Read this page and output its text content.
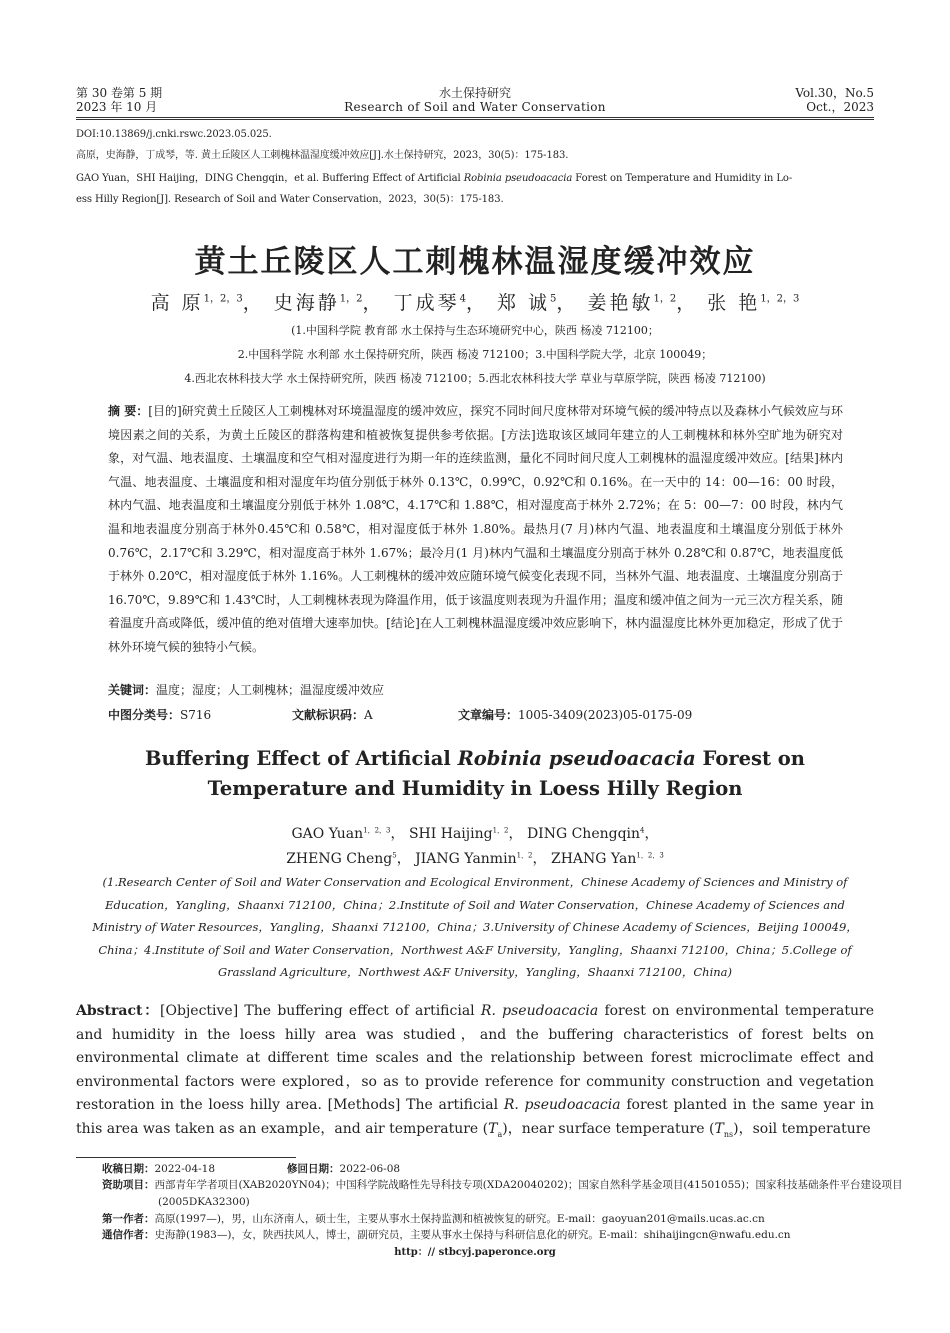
第 30 卷第 5 期
2023 年 10 月
水土保持研究
Research of Soil and Water Conservation
Vol.30，No.5
Oct.，2023
DOI:10.13869/j.cnki.rswc.2023.05.025.
高原，史海静，丁成琴，等. 黄土丘陵区人工刺槐林温湿度缓冲效应[J].水土保持研究，2023，30(5)：175-183.
GAO Yuan，SHI Haijing，DING Chengqin，et al. Buffering Effect of Artificial Robinia pseudoacacia Forest on Temperature and Humidity in Lo-
ess Hilly Region[J]. Research of Soil and Water Conservation，2023，30(5)：175-183.
黄土丘陵区人工刺槐林温湿度缓冲效应
高 原$^{1,2,3}$， 史海静$^{1,2}$， 丁成琴$^4$， 郑 诚$^5$， 姜艳敏$^{1,2}$， 张 艳$^{1,2,3}$
(1.中国科学院 教育部 水土保持与生态环境研究中心，陕西 杨凌 712100；
2.中国科学院 水利部 水土保持研究所，陕西 杨凌 712100；3.中国科学院大学，北京 100049；
4.西北农林科技大学 水土保持研究所，陕西 杨凌 712100；5.西北农林科技大学 草业与草原学院，陕西 杨凌 712100)
摘 要：[目的]研究黄土丘陵区人工刺槐林对环境温湿度的缓冲效应，探究不同时间尺度林带对环境气候的缓冲特点以及森林小气候效应与环境因素之间的关系，为黄土丘陵区的群落构建和植被恢复提供参考依据。[方法]选取该区域同年建立的人工刺槐林和林外空旷地为研究对象，对气温、地表温度、土壤温度和空气相对湿度进行为期一年的连续监测，量化不同时间尺度人工刺槐林的温湿度缓冲效应。[结果]林内气温、地表温度、土壤温度和相对湿度年均值分别低于林外 0.13℃，0.99℃，0.92℃和 0.16%。在一天中的 14：00—16：00 时段，林内气温、地表温度和土壤温度分别低于林外 1.08℃，4.17℃和 1.88℃，相对湿度高于林外 2.72%；在 5：00—7：00 时段，林内气温和地表温度分别高于林外0.45℃和 0.58℃，相对湿度低于林外 1.80%。最热月(7 月)林内气温、地表温度和土壤温度分别低于林外 0.76℃，2.17℃和 3.29℃，相对湿度高于林外 1.67%；最冷月(1 月)林内气温和土壤温度分别高于林外 0.28℃和 0.87℃，地表温度低于林外 0.20℃，相对湿度低于林外 1.16%。人工刺槐林的缓冲效应随环境气候变化表现不同，当林外气温、地表温度、土壤温度分别高于 16.70℃，9.89℃和 1.43℃时，人工刺槐林表现为降温作用，低于该温度则表现为升温作用；温度和缓冲值之间为一元三次方程关系，随着温度升高或降低，缓冲值的绝对值增大速率加快。[结论]在人工刺槐林温湿度缓冲效应影响下，林内温湿度比林外更加稳定，形成了优于林外环境气候的独特小气候。
关键词：温度；湿度；人工刺槐林；温湿度缓冲效应
中图分类号：S716	文献标识码：A	文章编号：1005-3409(2023)05-0175-09
Buffering Effect of Artificial Robinia pseudoacacia Forest on
Temperature and Humidity in Loess Hilly Region
GAO Yuan$^{1,2,3}$， SHI Haijing$^{1,2}$， DING Chengqin$^4$，
ZHENG Cheng$^5$， JIANG Yanmin$^{1,2}$， ZHANG Yan$^{1,2,3}$
(1.Research Center of Soil and Water Conservation and Ecological Environment，Chinese Academy of Sciences and Ministry of Education，Yangling，Shaanxi 712100，China；2.Institute of Soil and Water Conservation，Chinese Academy of Sciences and Ministry of Water Resources，Yangling，Shaanxi 712100，China；3.University of Chinese Academy of Sciences，Beijing 100049，China；4.Institute of Soil and Water Conservation，Northwest A&F University，Yangling，Shaanxi 712100，China；5.College of Grassland Agriculture，Northwest A&F University，Yangling，Shaanxi 712100，China)
Abstract：[Objective] The buffering effect of artificial R. pseudoacacia forest on environmental temperature and humidity in the loess hilly area was studied，and the buffering characteristics of forest belts on environmental climate at different time scales and the relationship between forest microclimate effect and environmental factors were explored，so as to provide reference for community construction and vegetation restoration in the loess hilly area. [Methods] The artificial R. pseudoacacia forest planted in the same year in this area was taken as an example，and air temperature $(T_a)$，near surface temperature $(T_{ns})$，soil temperature
收稿日期：2022-04-18	修回日期：2022-06-08
资助项目：西部青年学者项目(XAB2020YN04)；中国科学院战略性先导科技专项(XDA20040202)；国家自然科学基金项目(41501055)；国家科技基础条件平台建设项目(2005DKA32300)
第一作者：高原(1997—)，男，山东济南人，硕士生，主要从事水土保持监测和植被恢复的研究。E-mail：gaoyuan201@mails.ucas.ac.cn
通信作者：史海静(1983—)，女，陕西扶风人，博士，副研究员，主要从事水土保持与科研信息化的研究。E-mail：shihaijingcn@nwafu.edu.cn
http：// stbcyj.paperonce.org
